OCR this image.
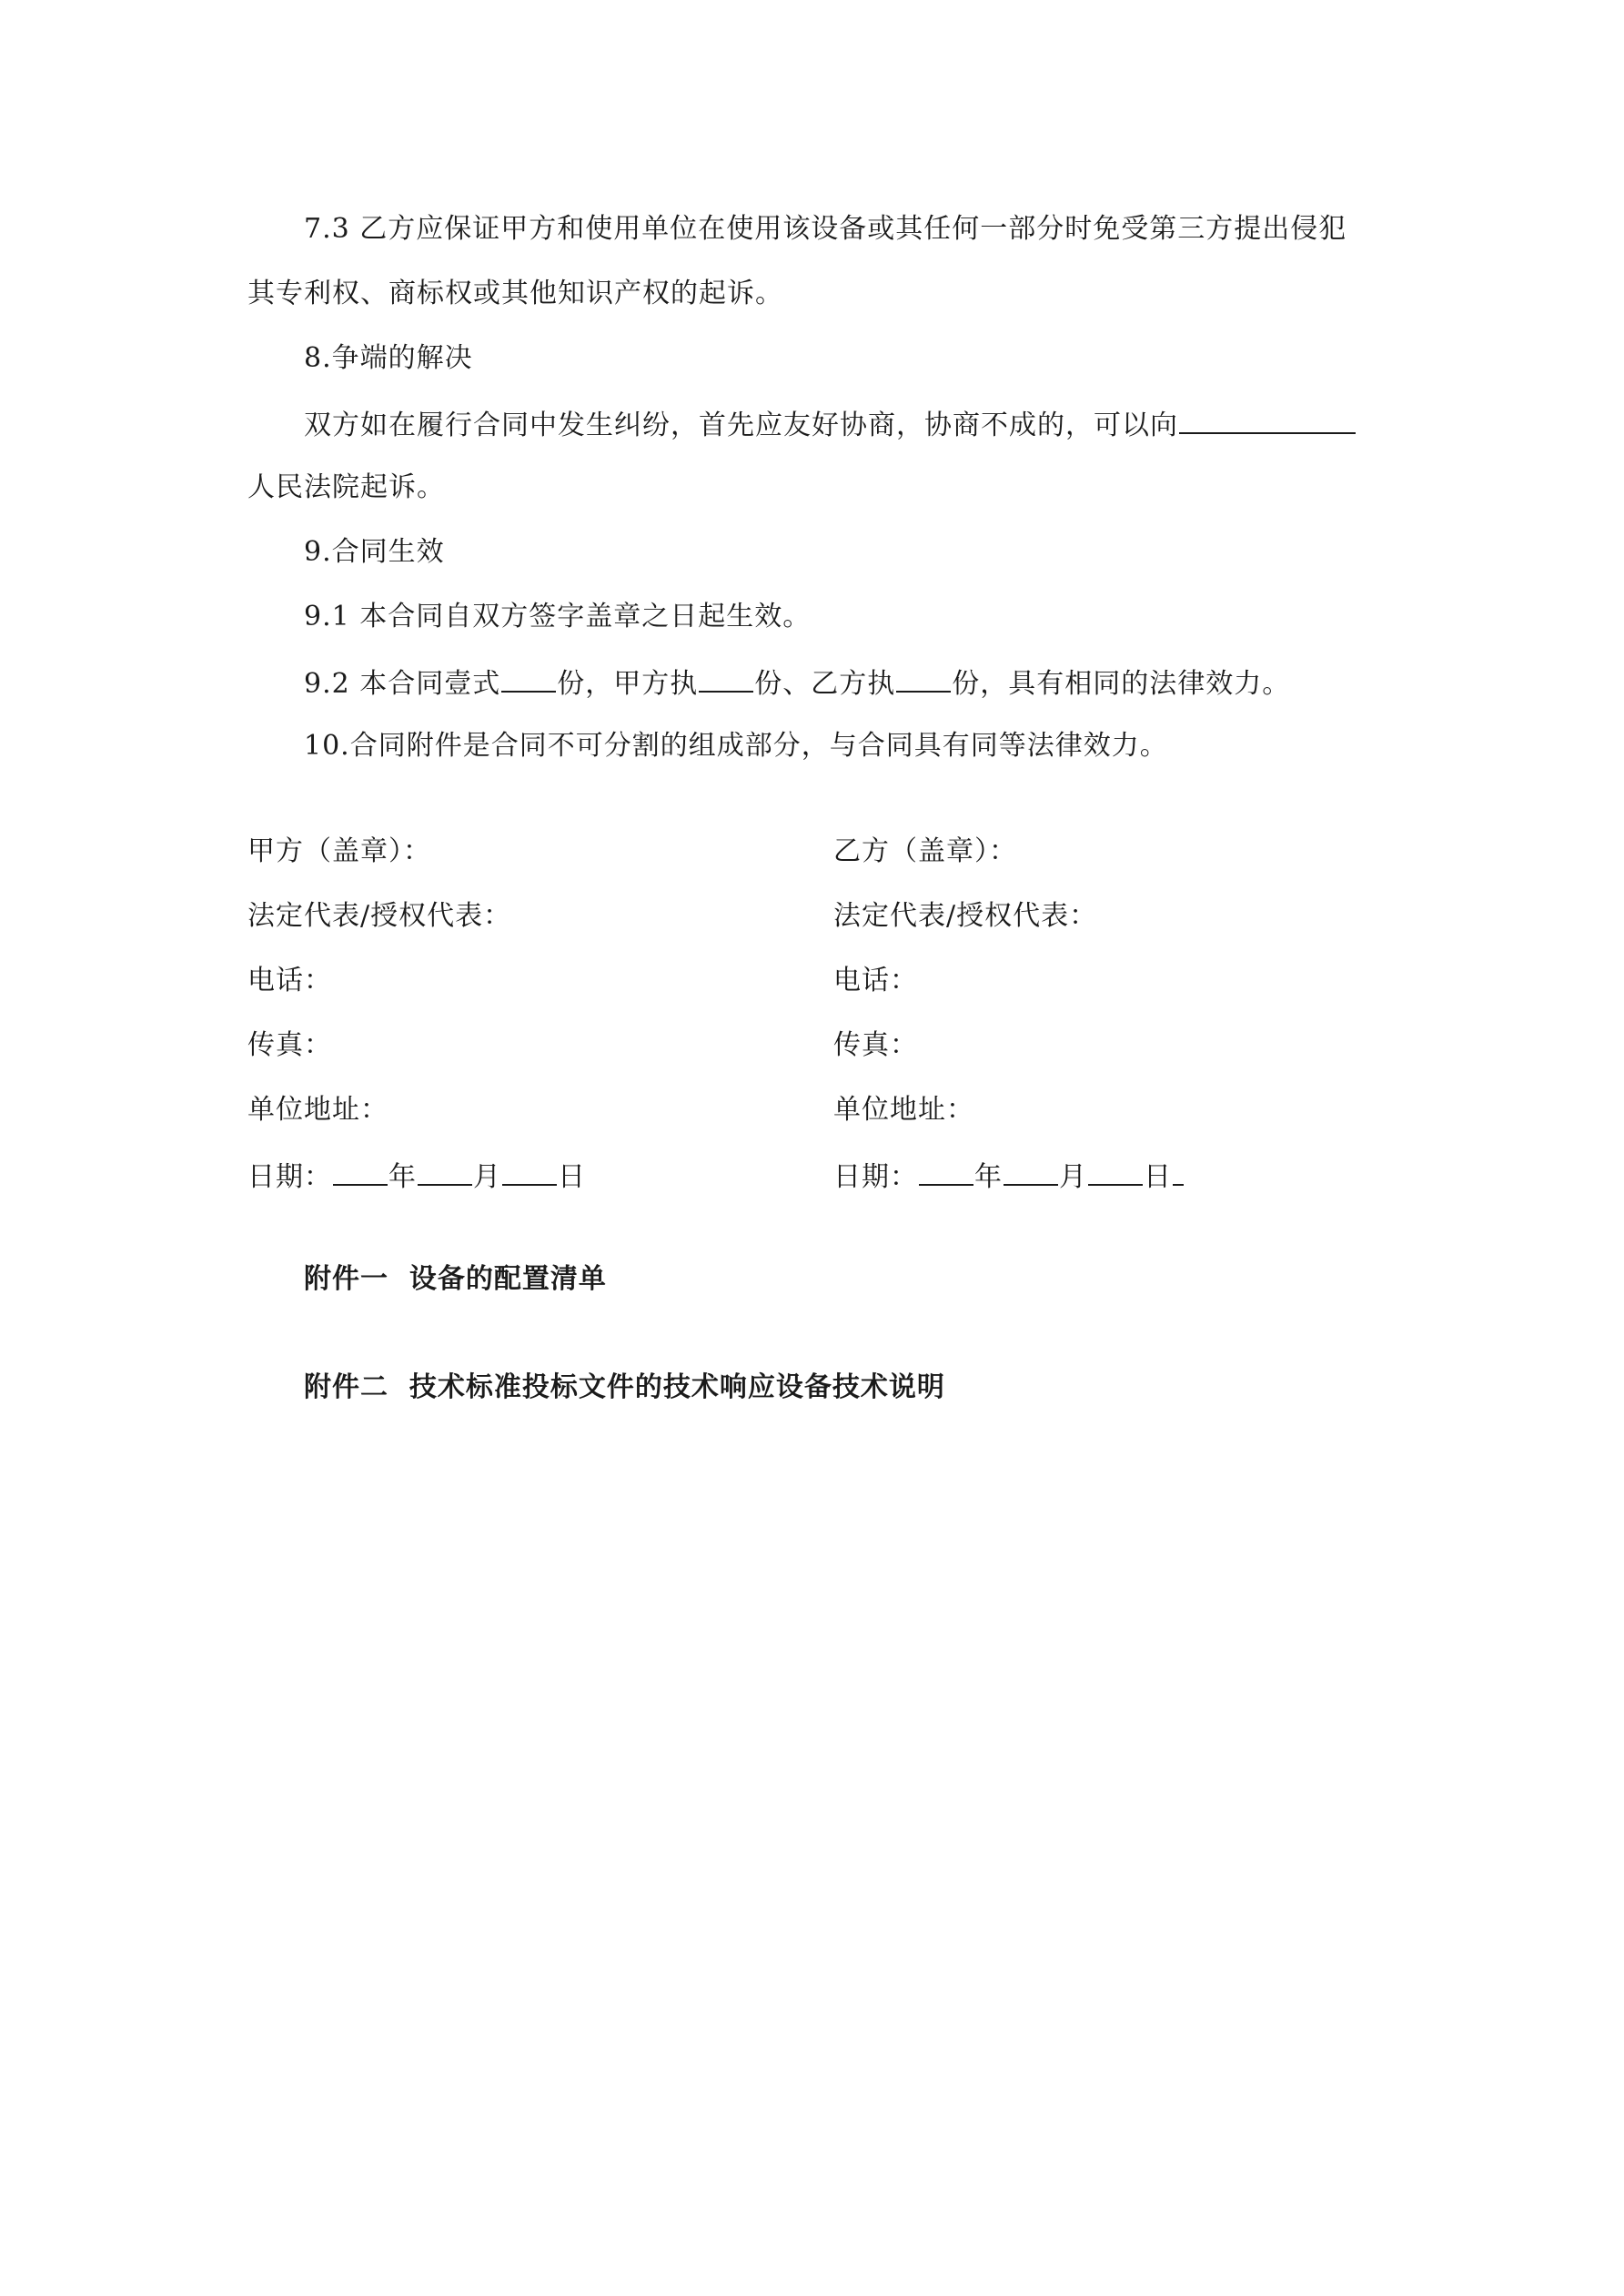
7.3 乙方应保证甲方和使用单位在使用该设备或其任何一部分时免受第三方提出侵犯
其专利权、商标权或其他知识产权的起诉。
8.争端的解决
双方如在履行合同中发生纠纷，首先应友好协商，协商不成的，可以向
人民法院起诉。
9.合同生效
9.1 本合同自双方签字盖章之日起生效。
9.2 本合同壹式 份，甲方执 份、乙方执 份，具有相同的法律效力。
10.合同附件是合同不可分割的组成部分，与合同具有同等法律效力。
甲方（盖章）：
法定代表/授权代表：
电话：
传真：
单位地址：
日期： 年 月 日
乙方（盖章）：
法定代表/授权代表：
电话：
传真：
单位地址：
日期： 年 月 日
附件一  设备的配置清单
附件二  技术标准投标文件的技术响应设备技术说明
